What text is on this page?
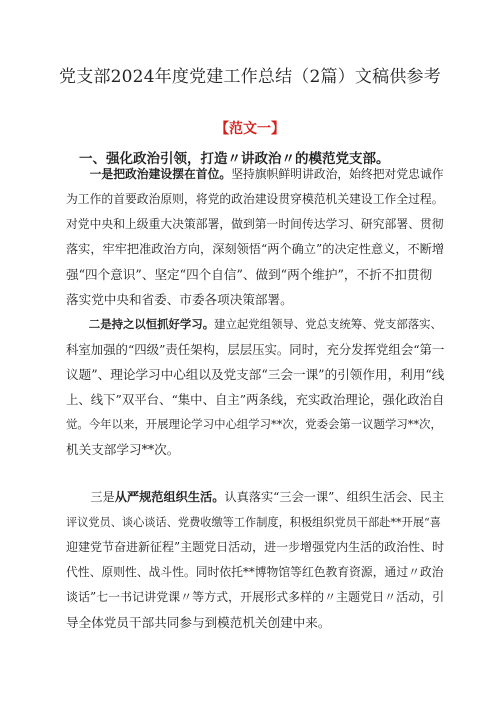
党支部2024年度党建工作总结（2篇）文稿供参考
【范文一】
一、强化政治引领，打造〃讲政治〃的模范党支部。
　　一是把政治建设摆在首位。坚持旗帜鲜明讲政治，始终把对党忠诚作
为工作的首要政治原则，将党的政治建设贯穿模范机关建设工作全过程。
对党中央和上级重大决策部署，做到第一时间传达学习、研究部署、贯彻
落实，牢牢把准政治方向，深刻领悟“两个确立”的决定性意义，不断增
强“四个意识”、坚定“四个自信”、做到“两个维护”，不折不扣贯彻
落实党中央和省委、市委各项决策部署。
　　二是持之以恒抓好学习。建立起党组领导、党总支统筹、党支部落实、
科室加强的“四级”责任架构，层层压实。同时，充分发挥党组会“第一
议题”、理论学习中心组以及党支部“三会一课”的引领作用，利用“线
上、线下”双平台、“集中、自主”两条线，充实政治理论，强化政治自
觉。今年以来，开展理论学习中心组学习**次，党委会第一议题学习**次，
机关支部学习**次。
　　三是从严规范组织生活。认真落实“三会一课”、组织生活会、民主
评议党员、谈心谈话、党费收缴等工作制度，积极组织党员干部赴**开展“喜
迎建党节奋进新征程”主题党日活动，进一步增强党内生活的政治性、时
代性、原则性、战斗性。同时依托**博物馆等红色教育资源，通过〃政治
谈话”七一书记讲党课〃等方式，开展形式多样的〃主题党日〃活动，引
导全体党员干部共同参与到模范机关创建中来。
